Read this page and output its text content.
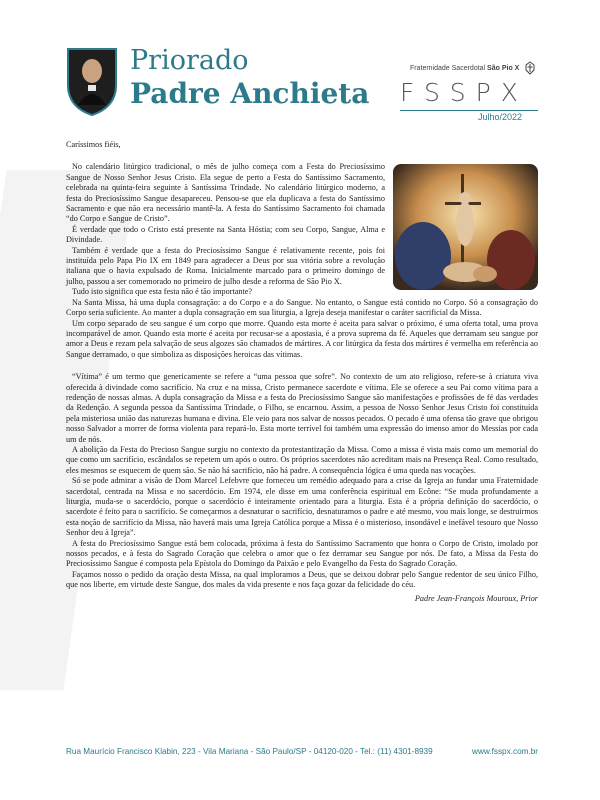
Priorado
Padre Anchieta
Fraternidade Sacerdotal São Pio X
FSSPX
Julho/2022

Caríssimos fiéis,

No calendário litúrgico tradicional, o mês de julho começa com a Festa do Preciosíssimo Sangue de Nosso Senhor Jesus Cristo. Ela segue de perto a Festa do Santíssimo Sacramento, celebrada na quinta-feira seguinte à Santíssima Trindade. No calendário litúrgico moderno, a festa do Preciosíssimo Sangue desapareceu. Pensou-se que ela duplicava a festa do Santíssimo Sacramento e que não era necessário mantê-la. A festa do Santíssimo Sacramento foi chamada “do Corpo e Sangue de Cristo”.

É verdade que todo o Cristo está presente na Santa Hóstia; com seu Corpo, Sangue, Alma e Divindade.

Também é verdade que a festa do Preciosíssimo Sangue é relativamente recente, pois foi instituída pelo Papa Pio IX em 1849 para agradecer a Deus por sua vitória sobre a revolução italiana que o havia expulsado de Roma. Inicialmente marcado para o primeiro domingo de julho, passou a ser comemorado no primeiro de julho desde a reforma de São Pio X.

Tudo isto significa que esta festa não é tão importante?

Na Santa Missa, há uma dupla consagração: a do Corpo e a do Sangue. No entanto, o Sangue está contido no Corpo. Só a consagração do Corpo seria suficiente. Ao manter a dupla consagração em sua liturgia, a Igreja deseja manifestar o caráter sacrificial da Missa.

Um corpo separado de seu sangue é um corpo que morre. Quando esta morte é aceita para salvar o próximo, é uma oferta total, uma prova incomparável de amor. Quando esta morte é aceita por recusar-se a apostasia, é a prova suprema da fé. Aqueles que derramam seu sangue por amor a Deus e rezam pela salvação de seus algozes são chamados de mártires. A cor litúrgica da festa dos mártires é vermelha em referência ao Sangue derramado, o que simboliza as disposições heroicas das vítimas.

“Vítima” é um termo que genericamente se refere a “uma pessoa que sofre”. No contexto de um ato religioso, refere-se à criatura viva oferecida à divindade como sacrifício. Na cruz e na missa, Cristo permanece sacerdote e vítima. Ele se oferece a seu Pai como vítima para a redenção de nossas almas. A dupla consagração da Missa e a festa do Preciosíssimo Sangue são manifestações e profissões de fé das verdades da Redenção. A segunda pessoa da Santíssima Trindade, o Filho, se encarnou. Assim, a pessoa de Nosso Senhor Jesus Cristo foi constituída pela misteriosa união das naturezas humana e divina. Ele veio para nos salvar de nossos pecados. O pecado é uma ofensa tão grave que obrigou nosso Salvador a morrer de forma violenta para repará-lo. Esta morte terrível foi também uma expressão do imenso amor do Messias por cada um de nós.

A abolição da Festa do Precioso Sangue surgiu no contexto da protestantização da Missa. Como a missa é vista mais como um memorial do que como um sacrifício, escândalos se repetem um após o outro. Os próprios sacerdotes não acreditam mais na Presença Real. Como resultado, eles mesmos se esquecem de quem são. Se não há sacrifício, não há padre. A consequência lógica é uma queda nas vocações.

Só se pode admirar a visão de Dom Marcel Lefebvre que forneceu um remédio adequado para a crise da Igreja ao fundar uma Fraternidade sacerdotal, centrada na Missa e no sacerdócio. Em 1974, ele disse em uma conferência espiritual em Ecône: “Se muda profundamente a liturgia, muda-se o sacerdócio, porque o sacerdócio é inteiramente orientado para a liturgia. Esta é a própria definição do sacerdócio, o sacerdote é feito para o sacrifício. Se começarmos a desnaturar o sacrifício, desnaturamos o padre e até mesmo, vou mais longe, se destruirmos esta noção de sacrifício da Missa, não haverá mais uma Igreja Católica porque a Missa é o misterioso, insondável e inefável tesouro que Nosso Senhor deu à Igreja”.

A festa do Preciosíssimo Sangue está bem colocada, próxima à festa do Santíssimo Sacramento que honra o Corpo de Cristo, imolado por nossos pecados, e à festa do Sagrado Coração que celebra o amor que o fez derramar seu Sangue por nós. De fato, a Missa da Festa do Preciosíssimo Sangue é composta pela Epístola do Domingo da Paixão e pelo Evangelho da Festa do Sagrado Coração.

Façamos nosso o pedido da oração desta Missa, na qual imploramos a Deus, que se deixou dobrar pelo Sangue redentor de seu único Filho, que nos liberte, em virtude deste Sangue, dos males da vida presente e nos faça gozar da felicidade do céu.

Padre Jean-François Mouroux, Prior

Rua Maurício Francisco Klabin, 223 - Vila Mariana - São Paulo/SP - 04120-020 - Tel.: (11) 4301-8939	www.fsspx.com.br
